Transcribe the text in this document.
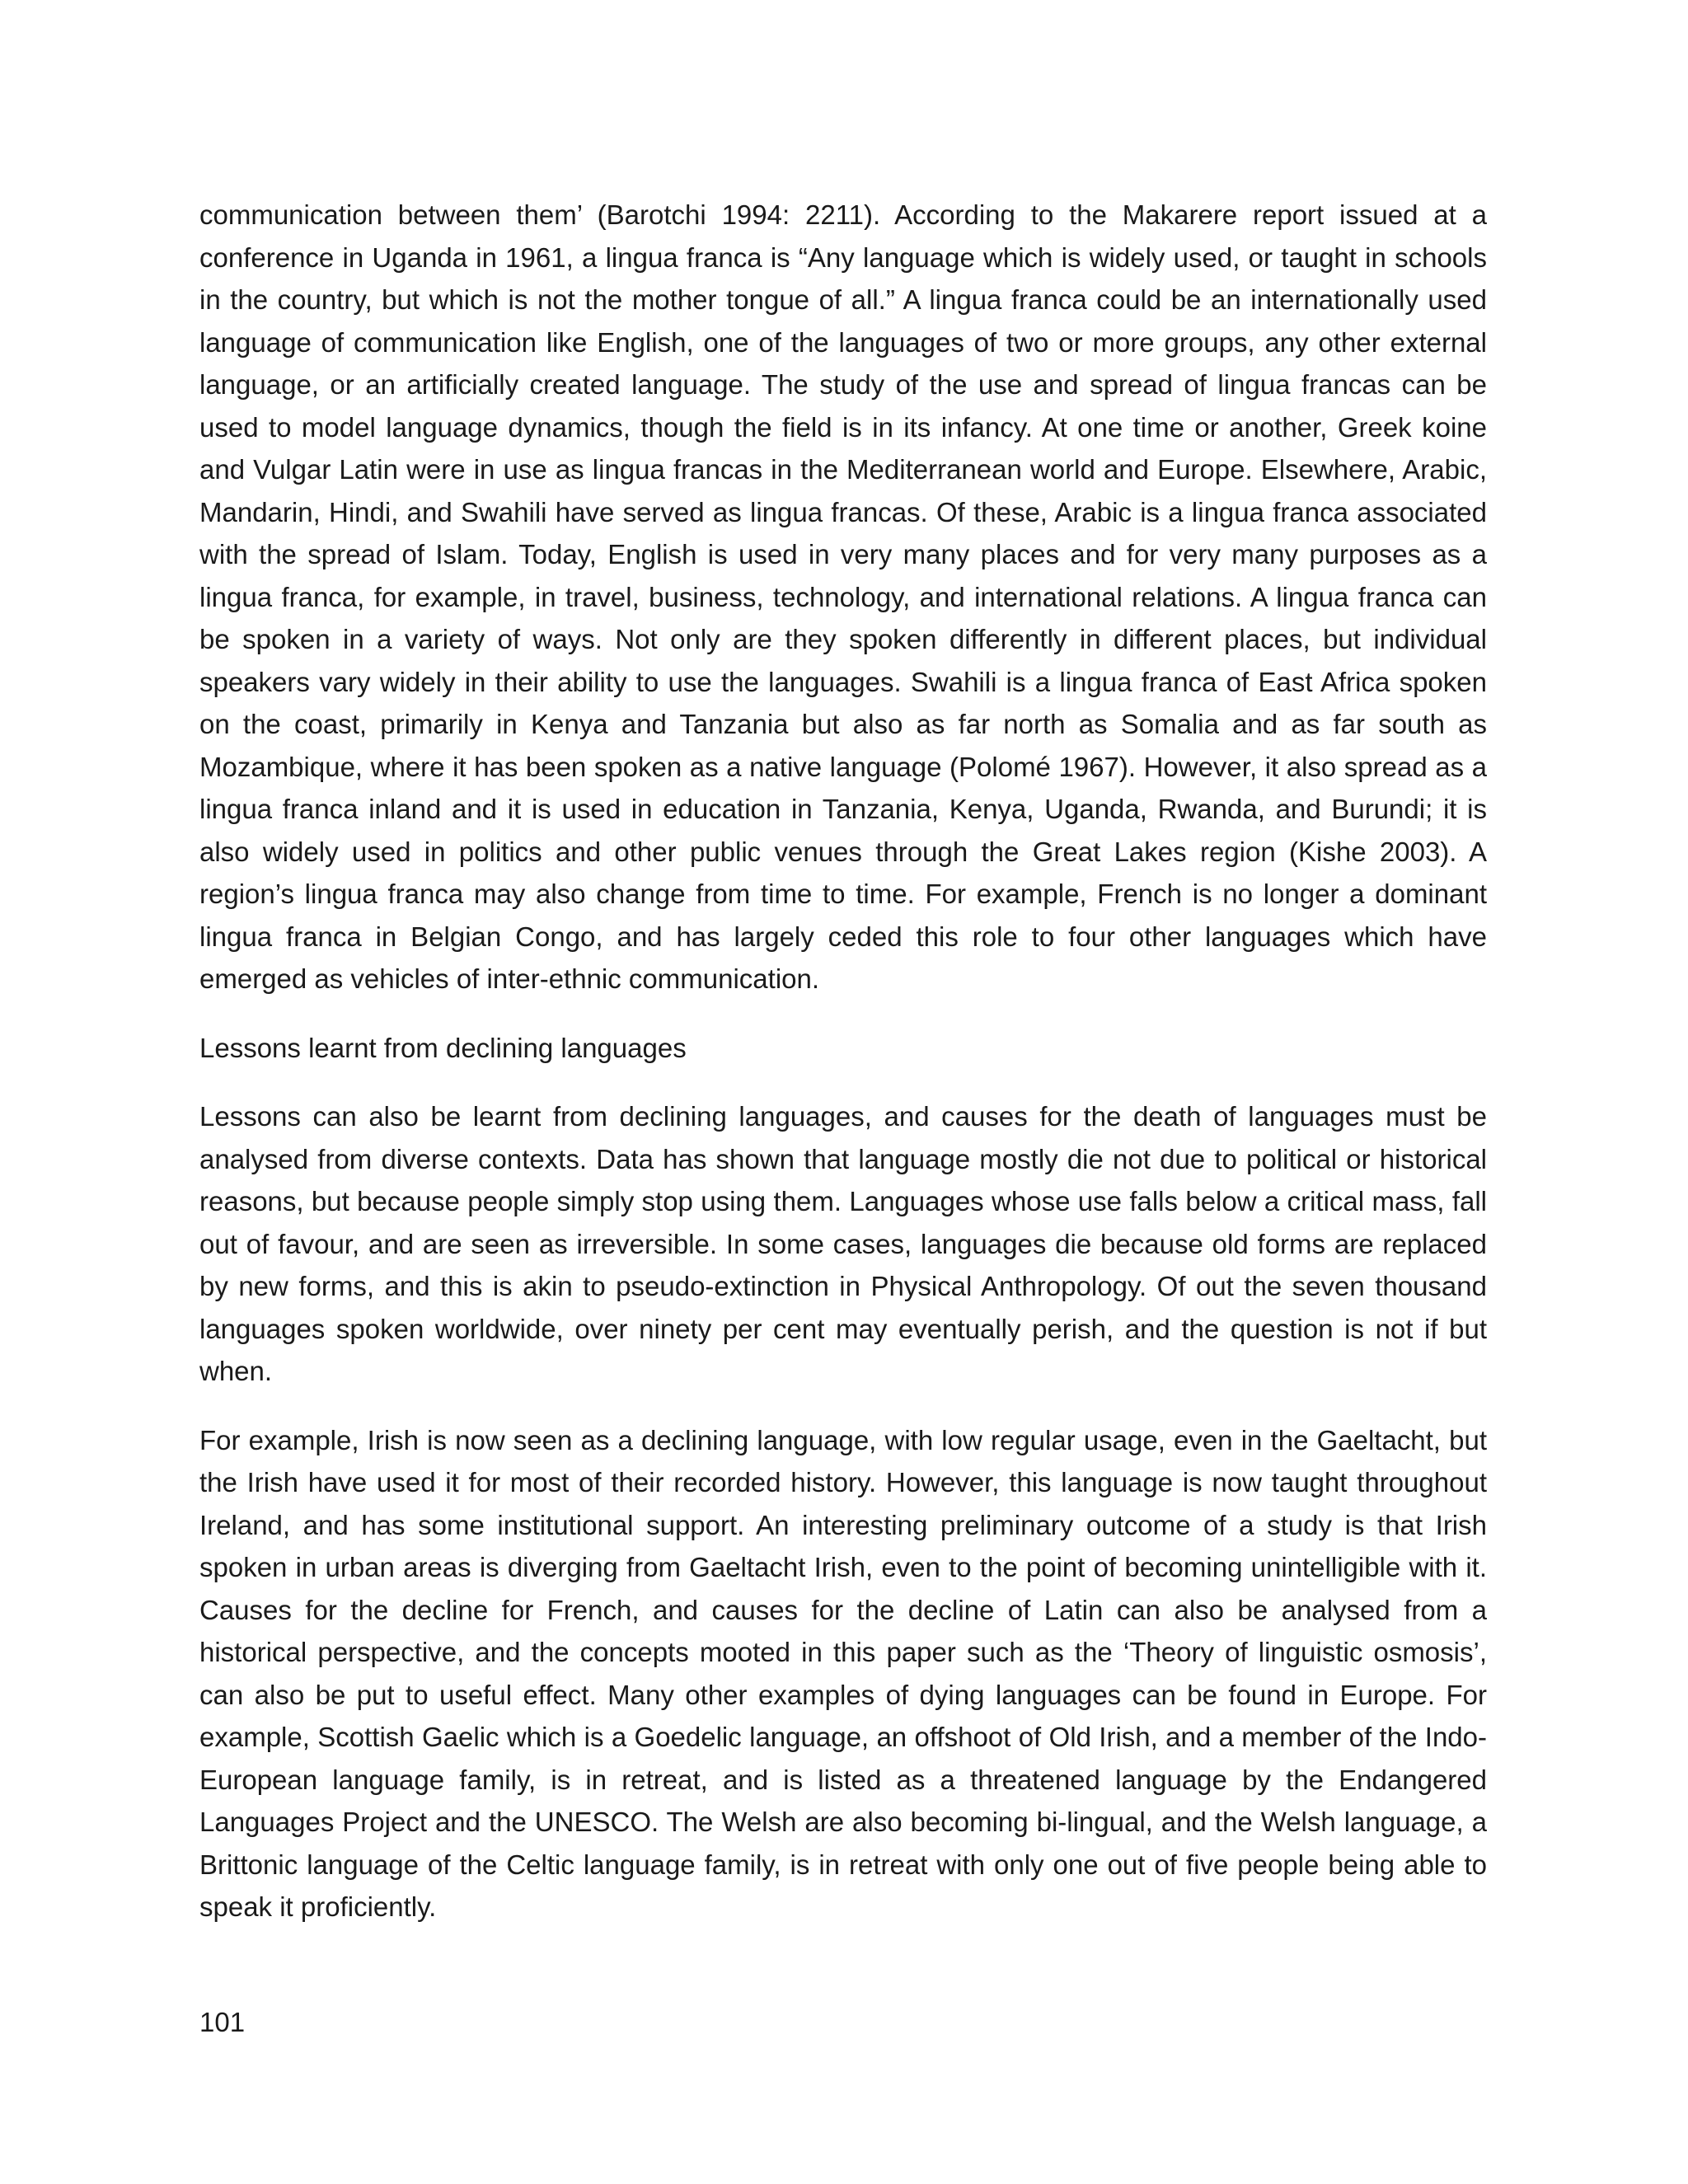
communication between them’ (Barotchi 1994: 2211). According to the Makarere report issued at a conference in Uganda in 1961, a lingua franca is “Any language which is widely used, or taught in schools in the country, but which is not the mother tongue of all.” A lingua franca could be an internationally used language of communication like English, one of the languages of two or more groups, any other external language, or an artificially created language. The study of the use and spread of lingua francas can be used to model language dynamics, though the field is in its infancy. At one time or another, Greek koine and Vulgar Latin were in use as lingua francas in the Mediterranean world and Europe. Elsewhere, Arabic, Mandarin, Hindi, and Swahili have served as lingua francas. Of these, Arabic is a lingua franca associated with the spread of Islam. Today, English is used in very many places and for very many purposes as a lingua franca, for example, in travel, business, technology, and international relations. A lingua franca can be spoken in a variety of ways. Not only are they spoken differently in different places, but individual speakers vary widely in their ability to use the languages. Swahili is a lingua franca of East Africa spoken on the coast, primarily in Kenya and Tanzania but also as far north as Somalia and as far south as Mozambique, where it has been spoken as a native language (Polomé 1967). However, it also spread as a lingua franca inland and it is used in education in Tanzania, Kenya, Uganda, Rwanda, and Burundi; it is also widely used in politics and other public venues through the Great Lakes region (Kishe 2003). A region’s lingua franca may also change from time to time. For example, French is no longer a dominant lingua franca in Belgian Congo, and has largely ceded this role to four other languages which have emerged as vehicles of inter-ethnic communication.

Lessons learnt from declining languages

Lessons can also be learnt from declining languages, and causes for the death of languages must be analysed from diverse contexts. Data has shown that language mostly die not due to political or historical reasons, but because people simply stop using them. Languages whose use falls below a critical mass, fall out of favour, and are seen as irreversible. In some cases, languages die because old forms are replaced by new forms, and this is akin to pseudo-extinction in Physical Anthropology. Of out the seven thousand languages spoken worldwide, over ninety per cent may eventually perish, and the question is not if but when.

For example, Irish is now seen as a declining language, with low regular usage, even in the Gaeltacht, but the Irish have used it for most of their recorded history. However, this language is now taught throughout Ireland, and has some institutional support. An interesting preliminary outcome of a study is that Irish spoken in urban areas is diverging from Gaeltacht Irish, even to the point of becoming unintelligible with it. Causes for the decline for French, and causes for the decline of Latin can also be analysed from a historical perspective, and the concepts mooted in this paper such as the ‘Theory of linguistic osmosis’, can also be put to useful effect. Many other examples of dying languages can be found in Europe. For example, Scottish Gaelic which is a Goedelic language, an offshoot of Old Irish, and a member of the Indo-European language family, is in retreat, and is listed as a threatened language by the Endangered Languages Project and the UNESCO. The Welsh are also becoming bi-lingual, and the Welsh language, a Brittonic language of the Celtic language family, is in retreat with only one out of five people being able to speak it proficiently.

101
